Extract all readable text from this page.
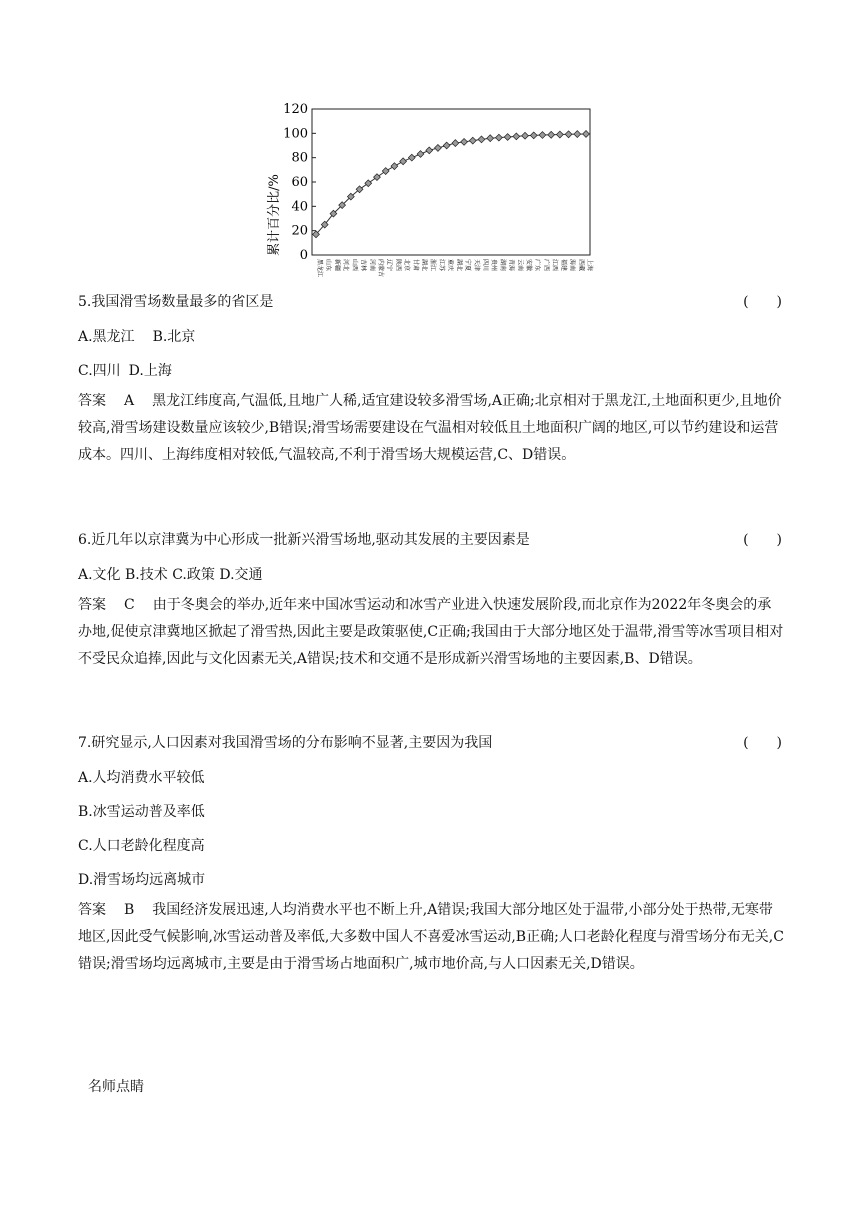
累计百分比/% 0
20
40
60
80
100
120
黑龙江 山东 新疆 河北 山西 吉林 河南 内蒙古 辽宁 陕西 北京 甘肃 湖北 浙江 江苏 重庆 湖北 宁夏 天津 四川 贵州 湖南 青海 云南 安徽 广东 广西 江西 福建 海南 西藏 上海
5.我国滑雪场数量最多的省区是	(　　)
A.黑龙江 B.北京
C.四川 D.上海
答案 A 黑龙江纬度高,气温低,且地广人稀,适宜建设较多滑雪场,A正确;北京相对于黑龙江,土地面积更少,且地价较高,滑雪场建设数量应该较少,B错误;滑雪场需要建设在气温相对较低且土地面积广阔的地区,可以节约建设和运营成本。四川、上海纬度相对较低,气温较高,不利于滑雪场大规模运营,C、D错误。
6.近几年以京津冀为中心形成一批新兴滑雪场地,驱动其发展的主要因素是	(　　)
A.文化 B.技术 C.政策 D.交通
答案 C 由于冬奥会的举办,近年来中国冰雪运动和冰雪产业进入快速发展阶段,而北京作为2022年冬奥会的承办地,促使京津冀地区掀起了滑雪热,因此主要是政策驱使,C正确;我国由于大部分地区处于温带,滑雪等冰雪项目相对不受民众追捧,因此与文化因素无关,A错误;技术和交通不是形成新兴滑雪场地的主要因素,B、D错误。
7.研究显示,人口因素对我国滑雪场的分布影响不显著,主要因为我国	(　　)
A.人均消费水平较低
B.冰雪运动普及率低
C.人口老龄化程度高
D.滑雪场均远离城市
答案 B 我国经济发展迅速,人均消费水平也不断上升,A错误;我国大部分地区处于温带,小部分处于热带,无寒带地区,因此受气候影响,冰雪运动普及率低,大多数中国人不喜爱冰雪运动,B正确;人口老龄化程度与滑雪场分布无关,C错误;滑雪场均远离城市,主要是由于滑雪场占地面积广,城市地价高,与人口因素无关,D错误。
名师点睛
